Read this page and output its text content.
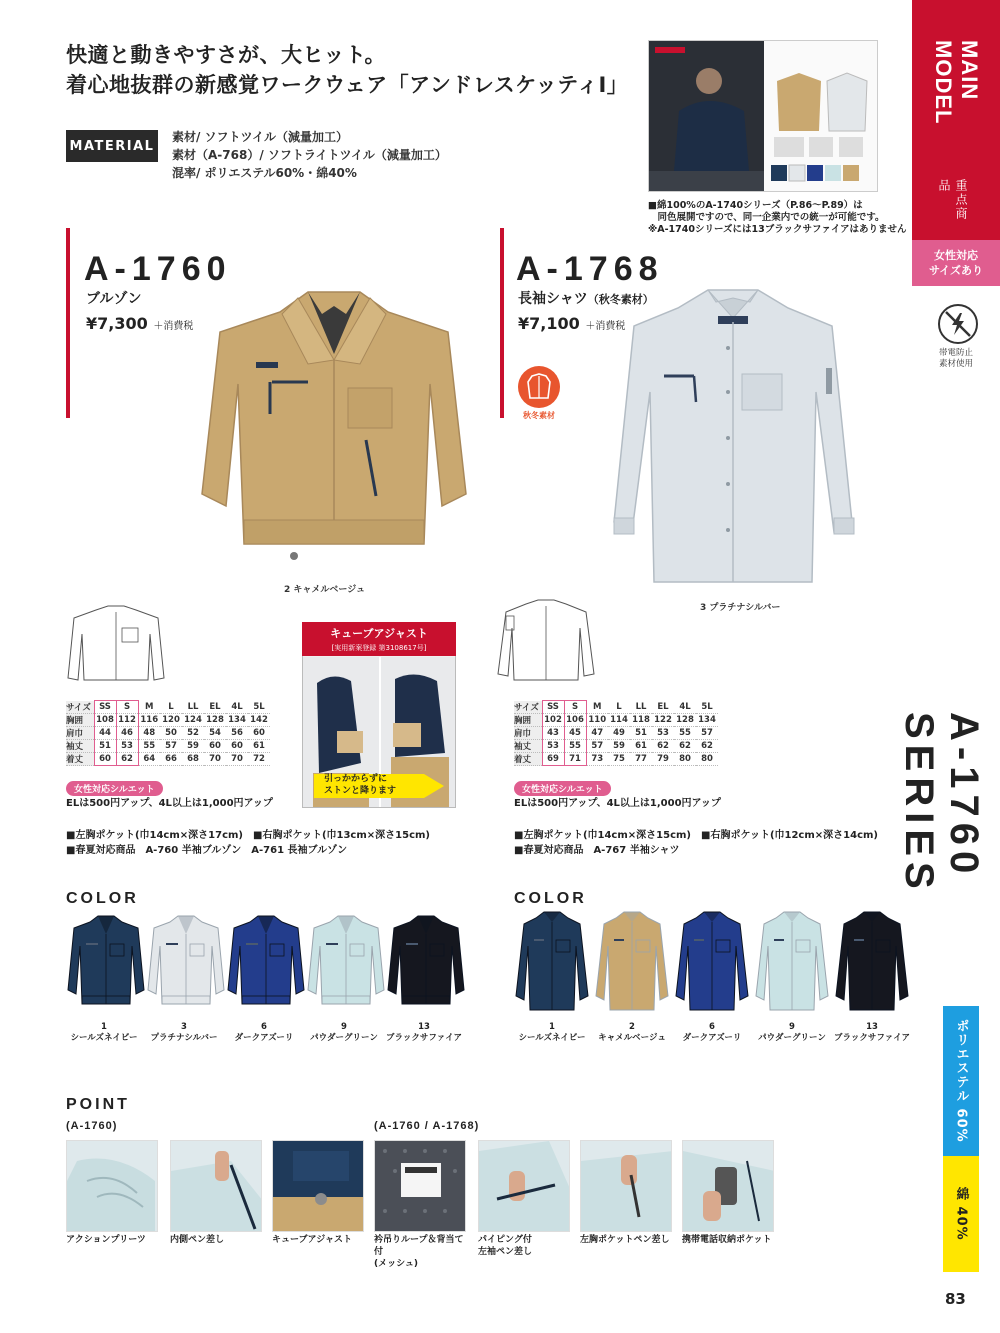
快適と動きやすさが、大ヒット。
着心地抜群の新感覚ワークウェア「アンドレスケッティI」
MATERIAL
素材/ ソフトツイル（減量加工）
素材（A-768）/ ソフトライトツイル（減量加工）
混率/ ポリエステル60%・綿40%
■綿100%のA-1740シリーズ（P.86〜P.89）は
　同色展開ですので、同一企業内での統一が可能です。
※A-1740シリーズには13ブラックサファイアはありません
MAIN MODEL
重点商品
女性対応
サイズあり
帯電防止
素材使用
A-1760 SERIES
ポリエステル 60%
綿 40%
83
A-1760
ブルゾン
¥7,300 ＋消費税
2 キャメルベージュ
サイズ	SS	S	M	L	LL	EL	4L	5L
胸囲	108	112	116	120	124	128	134	142
肩巾	44	46	48	50	52	54	56	60
袖丈	51	53	55	57	59	60	60	61
着丈	60	62	64	66	68	70	70	72
女性対応シルエット
ELは500円アップ、4L以上は1,000円アップ
■左胸ポケット(巾14cm×深さ17cm)　■右胸ポケット(巾13cm×深さ15cm)
■春夏対応商品　A-760 半袖ブルゾン　A-761 長袖ブルゾン
キューブアジャスト
[実用新案登録 第3108617号]
引っかからずに
ストンと降ります
A-1768
長袖シャツ（秋冬素材）
¥7,100 ＋消費税
秋冬素材
3 プラチナシルバー
サイズ	SS	S	M	L	LL	EL	4L	5L
胸囲	102	106	110	114	118	122	128	134
肩巾	43	45	47	49	51	53	55	57
袖丈	53	55	57	59	61	62	62	62
着丈	69	71	73	75	77	79	80	80
女性対応シルエット
ELは500円アップ、4L以上は1,000円アップ
■左胸ポケット(巾14cm×深さ15cm)　■右胸ポケット(巾12cm×深さ14cm)
■春夏対応商品　A-767 半袖シャツ
COLOR	COLOR
1
シールズネイビー
3
プラチナシルバー
6
ダークアズーリ
9
パウダーグリーン
13
ブラックサファイア
1
シールズネイビー
2
キャメルベージュ
6
ダークアズーリ
9
パウダーグリーン
13
ブラックサファイア
POINT
(A-1760)	(A-1760 / A-1768)
アクションプリーツ	内側ペン差し	キューブアジャスト	衿吊りループ＆背当て付
(メッシュ)
パイピング付
左袖ペン差し
左胸ポケットペン差し	携帯電話収納ポケット
